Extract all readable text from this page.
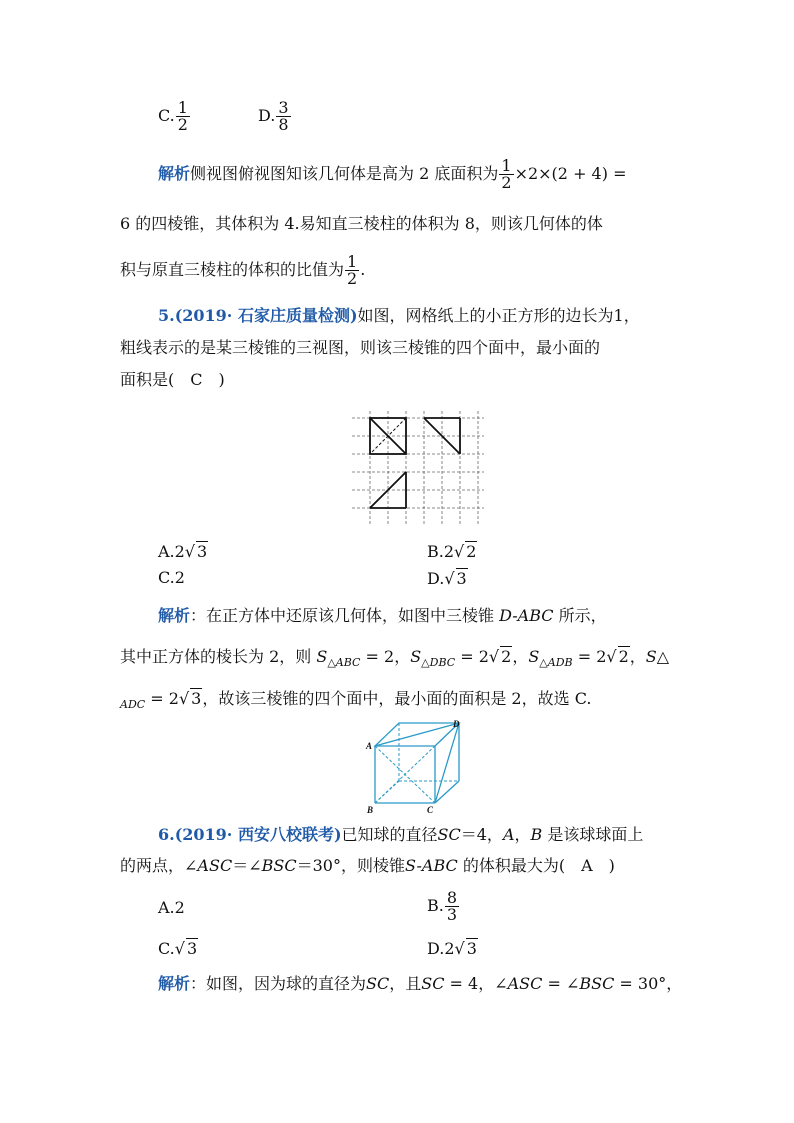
C. $\frac{1}{2}$	D. $\frac{3}{8}$
解析侧视图俯视图知该几何体是高为 2 底面积为 $\frac{1}{2} \times 2\times(2 + 4)$ =
6 的四棱锥，其体积为 4.易知直三棱柱的体积为 8，则该几何体的体
积与原直三棱柱的体积的比值为 $\frac{1}{2}$ .
5.(2019· 石家庄质量检测)如图，网格纸上的小正方形的边长为1，
粗线表示的是某三棱锥的三视图，则该三棱锥的四个面中，最小面的
面积是(　C　)
A.2√ 3	B.2√ 2
C.2	D.√ 3
解析：在正方体中还原该几何体，如图中三棱锥 D-ABC 所示，
其中正方体的棱长为 2，则 $S_{\triangle ABC} = 2$，$S_{\triangle DBC} = 2√$ 2，$S_{\triangle ADB} = 2√$ 2，S△
$_{ADC}$ = 2√ 3，故该三棱锥的四个面中，最小面的面积是 2，故选 C.
A
B	C
D
6.(2019· 西安八校联考)已知球的直径SC＝4，A，B 是该球球面上
的两点，∠ASC＝∠BSC＝30°，则棱锥S-ABC 的体积最大为(　A　)
A.2	B. $\frac{8}{3}$
C.√ 3	D.2√ 3
解析：如图，因为球的直径为SC，且SC = 4，∠ASC = ∠BSC = 30°，
